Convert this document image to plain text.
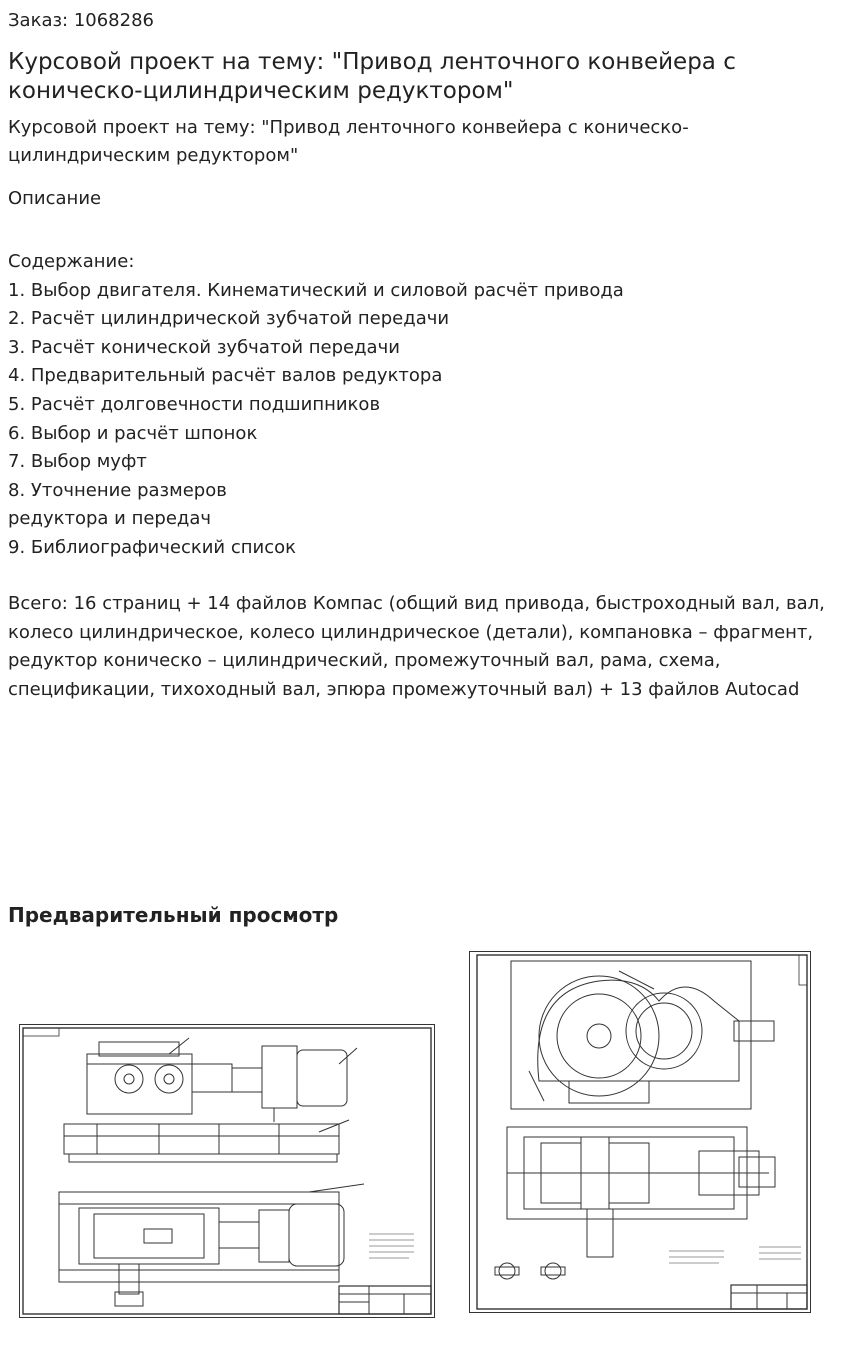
Заказ: 1068286
Курсовой проект на тему: "Привод ленточного конвейера с коническо-цилиндрическим редуктором"
Курсовой проект на тему: "Привод ленточного конвейера с коническо-цилиндрическим редуктором"
Описание
Содержание:
1. Выбор двигателя. Кинематический и силовой расчёт привода
2. Расчёт цилиндрической зубчатой передачи
3. Расчёт конической зубчатой передачи
4. Предварительный расчёт валов редуктора
5. Расчёт долговечности подшипников
6. Выбор и расчёт шпонок
7. Выбор муфт
8. Уточнение размеров
редуктора и передач
9. Библиографический список
Всего: 16 страниц + 14 файлов Компас (общий вид привода, быстроходный вал, вал, колесо цилиндрическое, колесо цилиндрическое (детали), компановка – фрагмент, редуктор коническо – цилиндрический, промежуточный вал, рама, схема, спецификации, тихоходный вал, эпюра промежуточный вал) + 13 файлов Autocad
Предварительный просмотр
